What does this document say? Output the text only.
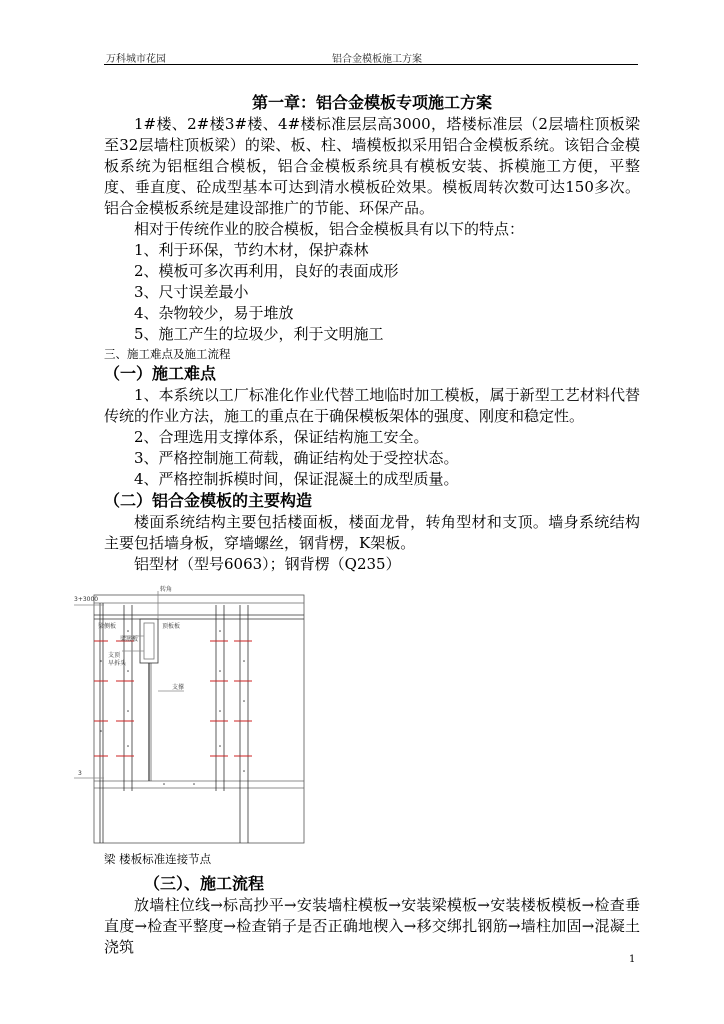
万科城市花园	铝合金模板施工方案

第一章：铝合金模板专项施工方案

1#楼、2#楼3#楼、4#楼标准层层高3000，塔楼标准层（2层墙柱顶板梁至32层墙柱顶板梁）的梁、板、柱、墙模板拟采用铝合金模板系统。该铝合金模板系统为铝框组合模板，铝合金模板系统具有模板安装、拆模施工方便，平整度、垂直度、砼成型基本可达到清水模板砼效果。模板周转次数可达150多次。铝合金模板系统是建设部推广的节能、环保产品。

相对于传统作业的胶合模板，铝合金模板具有以下的特点：

1、利于环保，节约木材，保护森林

2、模板可多次再利用，良好的表面成形

3、尺寸误差最小

4、杂物较少，易于堆放

5、施工产生的垃圾少，利于文明施工

三、施工难点及施工流程

（一）施工难点

1、本系统以工厂标准化作业代替工地临时加工模板，属于新型工艺材料代替传统的作业方法，施工的重点在于确保模板架体的强度、刚度和稳定性。

2、合理选用支撑体系，保证结构施工安全。

3、严格控制施工荷载，确证结构处于受控状态。

4、严格控制拆模时间，保证混凝土的成型质量。

（二）铝合金模板的主要构造

楼面系统结构主要包括楼面板，楼面龙骨，转角型材和支顶。墙身系统结构主要包括墙身板，穿墙螺丝，钢背楞，K架板。

铝型材（型号6063）；钢背楞（Q235）

3+3000
转角
梁侧板	顶板板
梁底板
支顶
早拆头
支撑
3

梁 楼板标准连接节点

（三）、施工流程

放墙柱位线→标高抄平→安装墙柱模板→安装梁模板→安装楼板模板→检查垂直度→检查平整度→检查销子是否正确地楔入→移交绑扎钢筋→墙柱加固→混凝土浇筑

1
